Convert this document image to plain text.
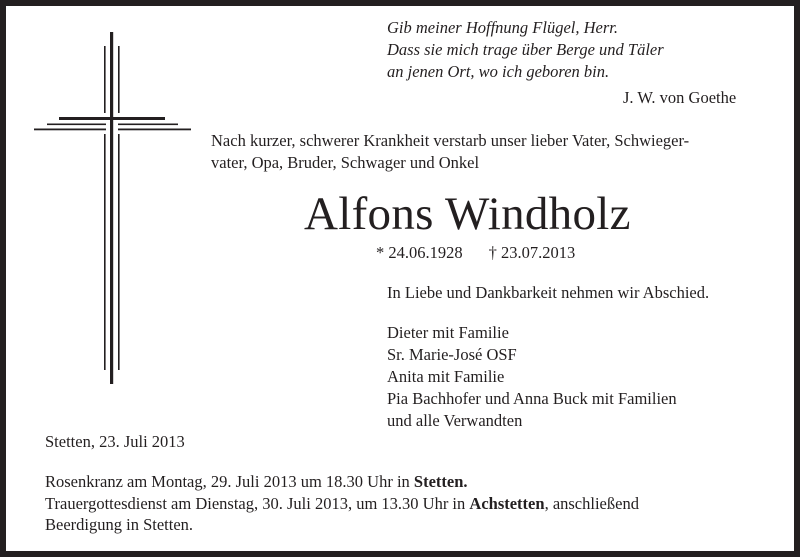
Gib meiner Hoffnung Flügel, Herr.
Dass sie mich trage über Berge und Täler
an jenen Ort, wo ich geboren bin.
J. W. von Goethe
Nach kurzer, schwerer Krankheit verstarb unser lieber Vater, Schwieger-
vater, Opa, Bruder, Schwager und Onkel
Alfons Windholz
* 24.06.1928 † 23.07.2013
In Liebe und Dankbarkeit nehmen wir Abschied.
Dieter mit Familie
Sr. Marie-José OSF
Anita mit Familie
Pia Bachhofer und Anna Buck mit Familien
und alle Verwandten
Stetten, 23. Juli 2013
Rosenkranz am Montag, 29. Juli 2013 um 18.30 Uhr in Stetten.
Trauergottesdienst am Dienstag, 30. Juli 2013, um 13.30 Uhr in Achstetten, anschließend
Beerdigung in Stetten.
